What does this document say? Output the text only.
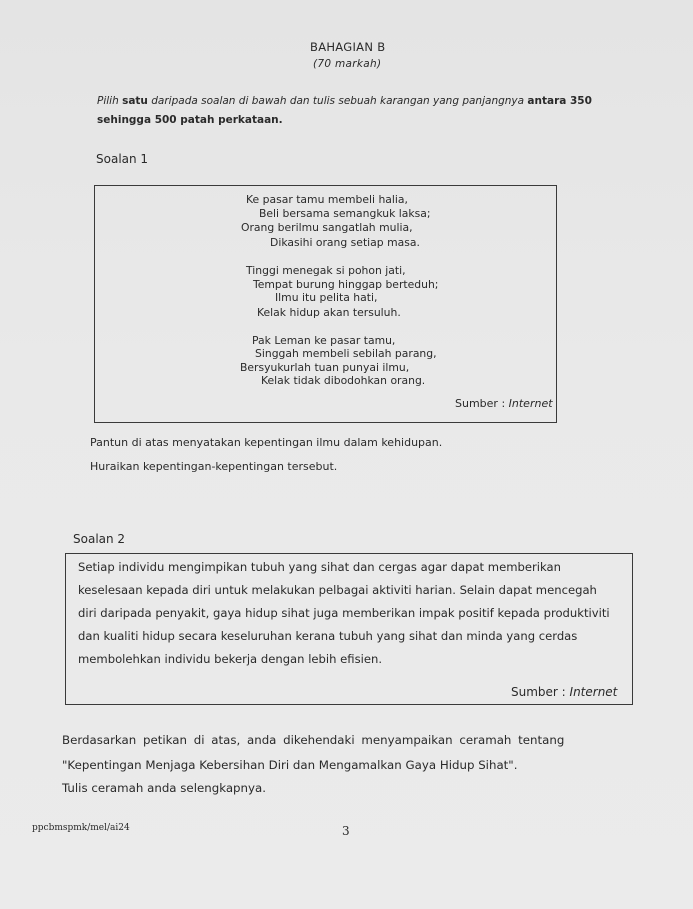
BAHAGIAN B
(70 markah)
Pilih satu daripada soalan di bawah dan tulis sebuah karangan yang panjangnya antara 350
sehingga 500 patah perkataan.
Soalan 1
Ke pasar tamu membeli halia,
Beli bersama semangkuk laksa;
Orang berilmu sangatlah mulia,
Dikasihi orang setiap masa.
Tinggi menegak si pohon jati,
Tempat burung hinggap berteduh;
Ilmu itu pelita hati,
Kelak hidup akan tersuluh.
Pak Leman ke pasar tamu,
Singgah membeli sebilah parang,
Bersyukurlah tuan punyai ilmu,
Kelak tidak dibodohkan orang.
Sumber : Internet
Pantun di atas menyatakan kepentingan ilmu dalam kehidupan.
Huraikan kepentingan-kepentingan tersebut.
Soalan 2
Setiap individu mengimpikan tubuh yang sihat dan cergas agar dapat memberikan
keselesaan kepada diri untuk melakukan pelbagai aktiviti harian. Selain dapat mencegah
diri daripada penyakit, gaya hidup sihat juga memberikan impak positif kepada produktiviti
dan kualiti hidup secara keseluruhan kerana tubuh yang sihat dan minda yang cerdas
membolehkan individu bekerja dengan lebih efisien.
Sumber : Internet
Berdasarkan petikan di atas, anda dikehendaki menyampaikan ceramah tentang
"Kepentingan Menjaga Kebersihan Diri dan Mengamalkan Gaya Hidup Sihat".
Tulis ceramah anda selengkapnya.
ppcbmspmk/mel/ai24	3
